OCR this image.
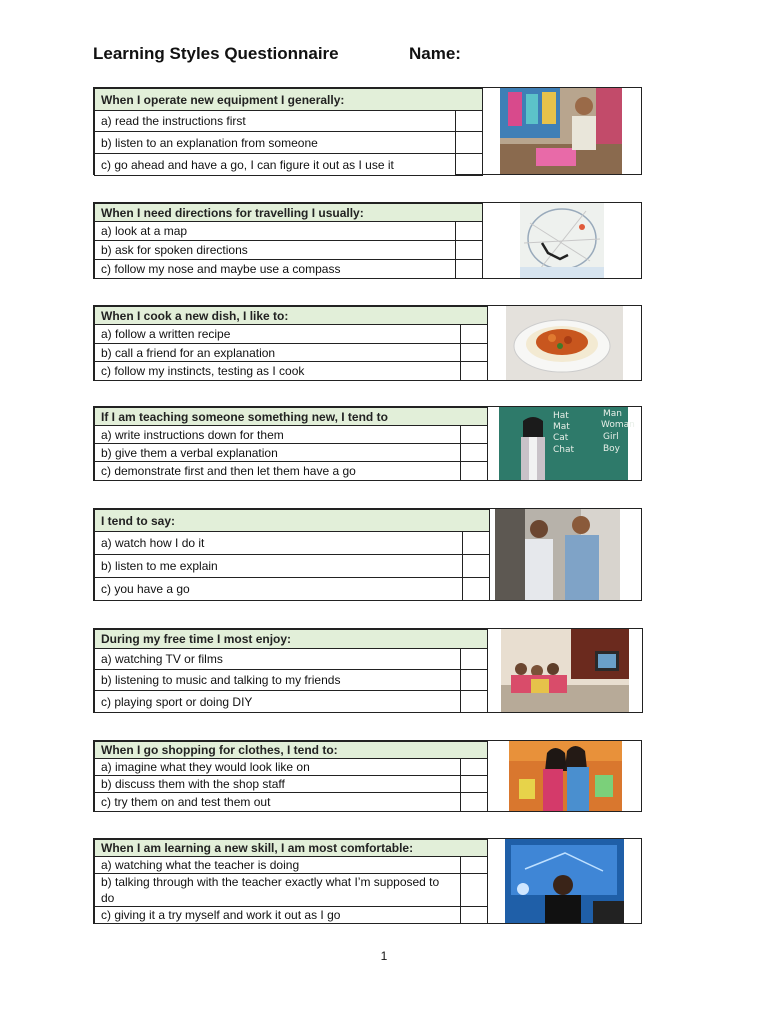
Learning Styles Questionnaire	Name:
When I operate new equipment I generally:	
a) read the instructions first	
b) listen to an explanation from someone	
c) go ahead and have a go, I can figure it out as I use it	
When I need directions for travelling I usually:	
a) look at a map	
b) ask for spoken directions	
c) follow my nose and maybe use a compass	
When I cook a new dish, I like to:	
a) follow a written recipe	
b) call a friend for an explanation	
c) follow my instincts, testing as I cook	
If I am teaching someone something new, I tend to	
a) write instructions down for them	
b) give them a verbal explanation	
c) demonstrate first and then let them have a go	
Hat
Mat
Cat
Chat
Man
Woman
Girl
Boy
I tend to say:	
a) watch how I do it	
b) listen to me explain	
c) you have a go	
During my free time I most enjoy:	
a) watching TV or films	
b) listening to music and talking to my friends	
c) playing sport or doing DIY	
When I go shopping for clothes, I tend to:	
a) imagine what they would look like on	
b) discuss them with the shop staff	
c) try them on and test them out	
When I am learning a new skill, I am most comfortable:	
a) watching what the teacher is doing	
b) talking through with the teacher exactly what I’m supposed to do	
c) giving it a try myself and work it out as I go	
1
